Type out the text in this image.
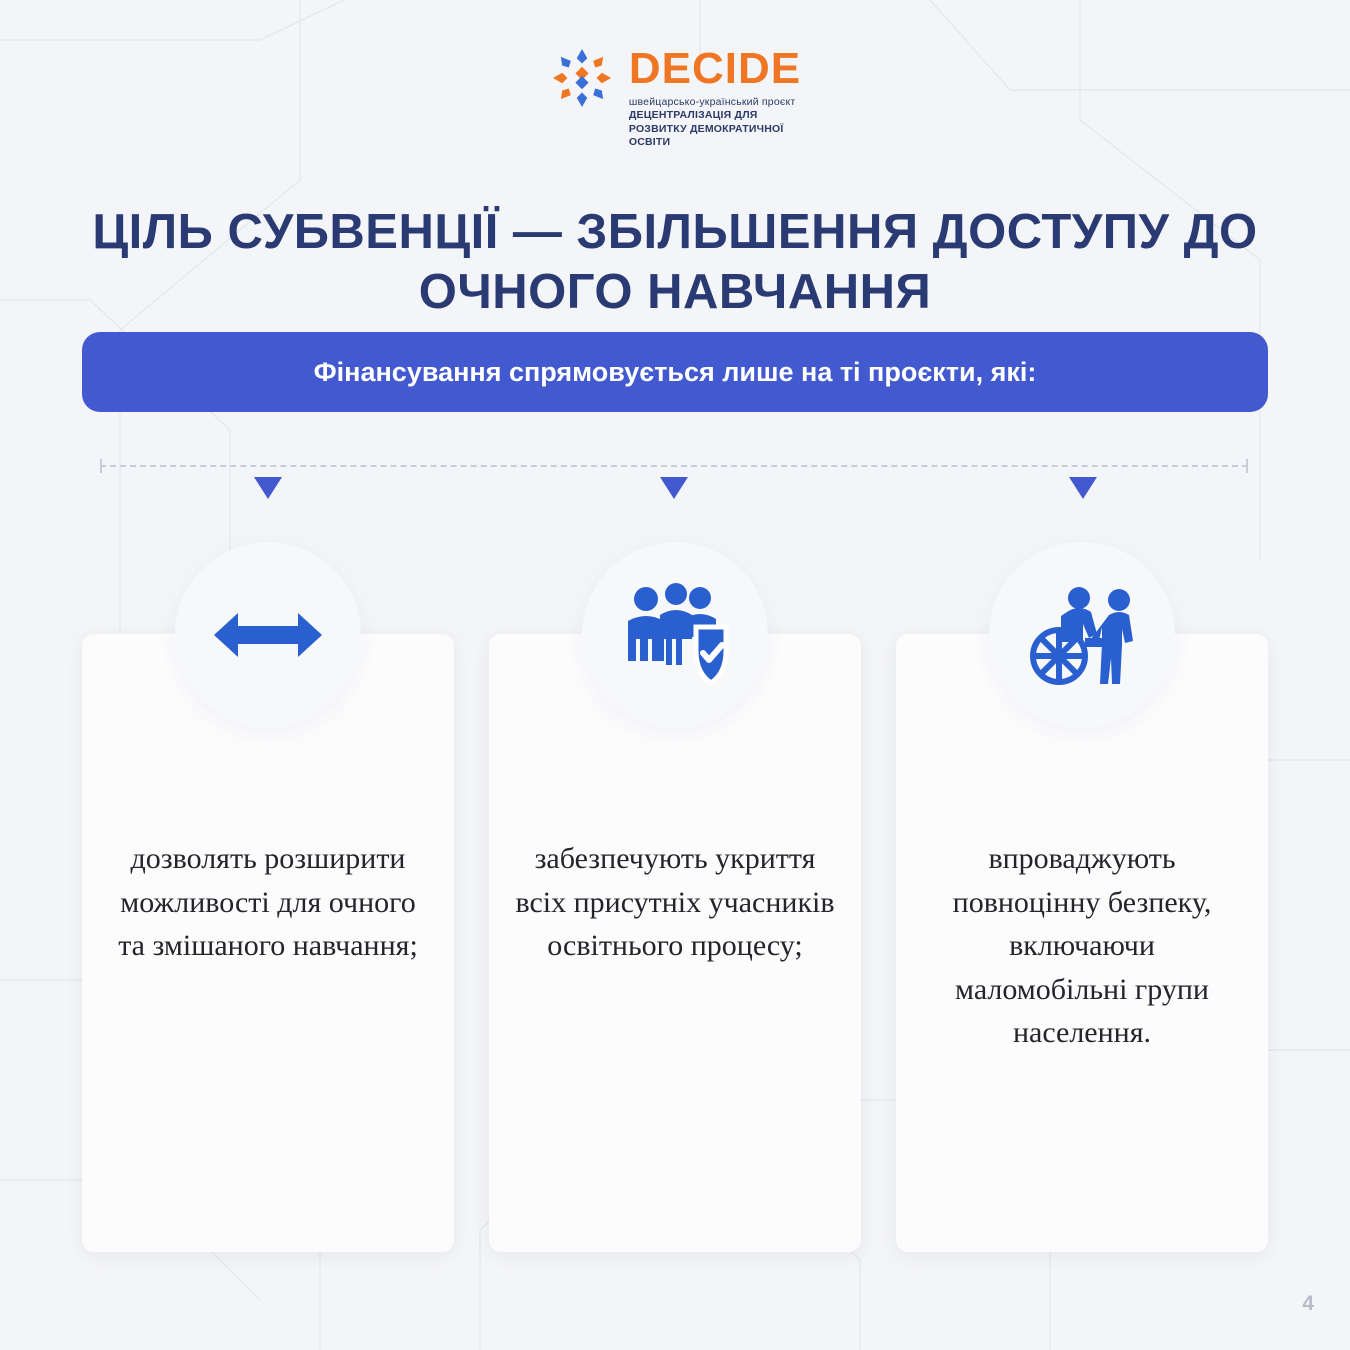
DECIDE
швейцарсько-український проєкт
ДЕЦЕНТРАЛІЗАЦІЯ ДЛЯ РОЗВИТКУ ДЕМОКРАТИЧНОЇ ОСВІТИ
ЦІЛЬ СУБВЕНЦІЇ — ЗБІЛЬШЕННЯ ДОСТУПУ ДО ОЧНОГО НАВЧАННЯ
Фінансування спрямовується лише на ті проєкти, які:
дозволять розширити можливості для очного та змішаного навчання;
забезпечують укриття всіх присутніх учасників освітнього процесу;
впроваджують повноцінну безпеку, включаючи маломобільні групи населення.
4
